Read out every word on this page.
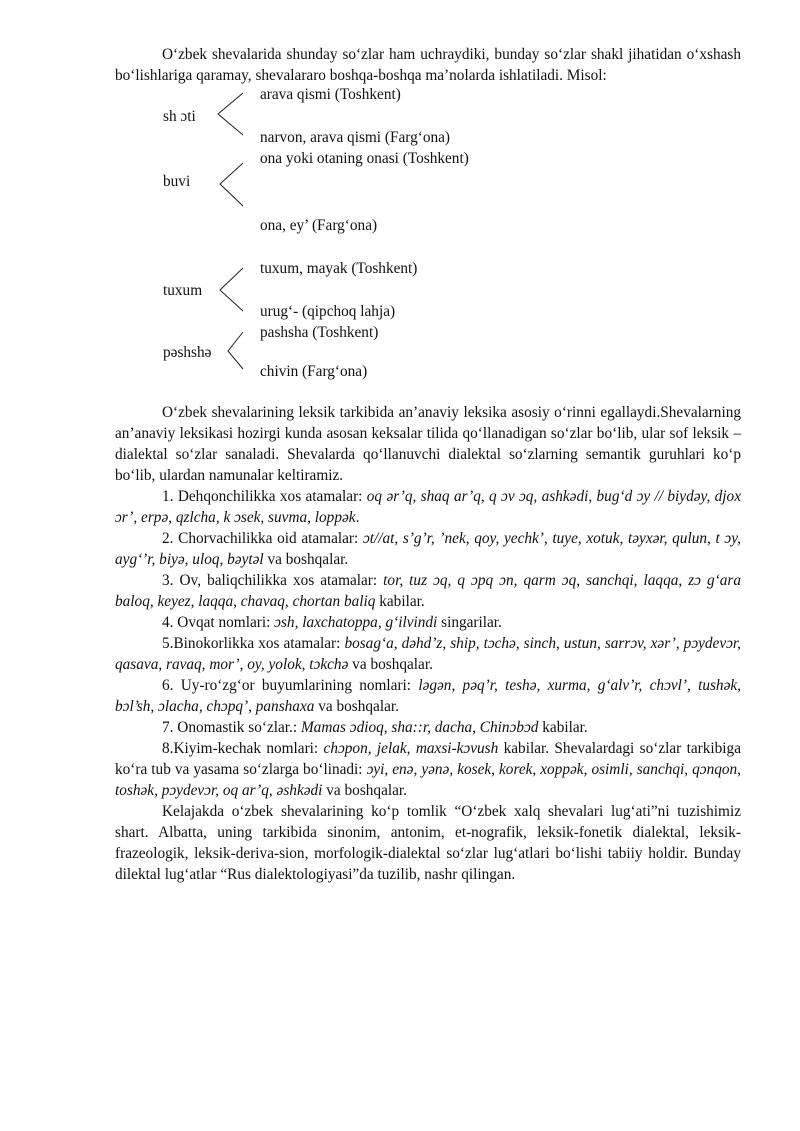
Oʻzbek shevalarida shunday soʻzlar ham uchraydiki, bunday soʻzlar shakl jihatidan oʻxshash boʻlishlariga qaramay, shevalararo boshqa-boshqa maʼnolarda ishlatiladi. Misol:

arava qismi (Toshkent)
sh ɔti
narvon, arava qismi (Fargʻona)
ona yoki otaning onasi (Toshkent)
buvi
ona, ey’ (Fargʻona)
tuxum, mayak (Toshkent)
tuxum
urugʻ- (qipchoq lahja)
pashsha (Toshkent)
pəshshə
chivin (Fargʻona)

Oʻzbek shevalarining leksik tarkibida anʼanaviy leksika asosiy oʻrinni egallaydi.Shevalarning anʼanaviy leksikasi hozirgi kunda asosan keksalar tilida qoʻllanadigan soʻzlar boʻlib, ular sof leksik – dialektal soʻzlar sanaladi. Shevalarda qoʻllanuvchi dialektal soʻzlarning semantik guruhlari koʻp boʻlib, ulardan namunalar keltiramiz.

1. Dehqonchilikka xos atamalar: oq ər’q, shaq ar’q, q ɔv ɔq, ashkədi, bug‘d ɔy // biydəy, djox ɔr’, erpə, qzlcha, k ɔsek, suvma, loppək.

2. Chorvachilikka oid atamalar: ɔt//at, s’g’r, ’nek, qoy, yechk’, tuye, xotuk, təyxər, qulun, t ɔy, ayg‘’r, biyə, uloq, bəytəl va boshqalar.

3. Ov, baliqchilikka xos atamalar: tor, tuz ɔq, q ɔpq ɔn, qarm ɔq, sanchqi, laqqa, zɔ g‘ara baloq, keyez, laqqa, chavaq, chortan baliq kabilar.

4. Ovqat nomlari: ɔsh, laxchatoppa, g‘ilvindi singarilar.

5.Binokorlikka xos atamalar: bosag‘a, dəhd’z, ship, tɔchə, sinch, ustun, sarrɔv, xər’, pɔydevɔr, qasava, ravaq, mor’, oy, yolok, tɔkchə va boshqalar.

6. Uy-ro‘zg‘or buyumlarining nomlari: ləgən, pəq’r, teshə, xurma, g‘alv’r, chɔvl’, tushək, bɔl’sh, ɔlacha, chɔpq’, panshaxa va boshqalar.

7. Onomastik so‘zlar.: Mamas ɔdioq, sha::r, dacha, Chinɔbɔd kabilar.

8.Kiyim-kechak nomlari: chɔpon, jelak, maxsi-kɔvush kabilar. Shevalardagi so‘zlar tarkibiga ko‘ra tub va yasama so‘zlarga bo‘linadi: ɔyi, enə, yənə, kosek, korek, xoppək, osimli, sanchqi, qɔnqon, toshək, pɔydevɔr, oq ar’q, əshkədi va boshqalar.

Kelajakda oʻzbek shevalarining koʻp tomlik “Oʻzbek xalq shevalari lugʻati”ni tuzishimiz shart. Albatta, uning tarkibida sinonim, antonim, et-nografik, leksik-fonetik dialektal, leksik-frazeologik, leksik-deriva-sion, morfologik-dialektal soʻzlar lugʻatlari boʻlishi tabiiy holdir. Bunday dilektal lugʻatlar “Rus dialektologiyasi”da tuzilib, nashr qilingan.
